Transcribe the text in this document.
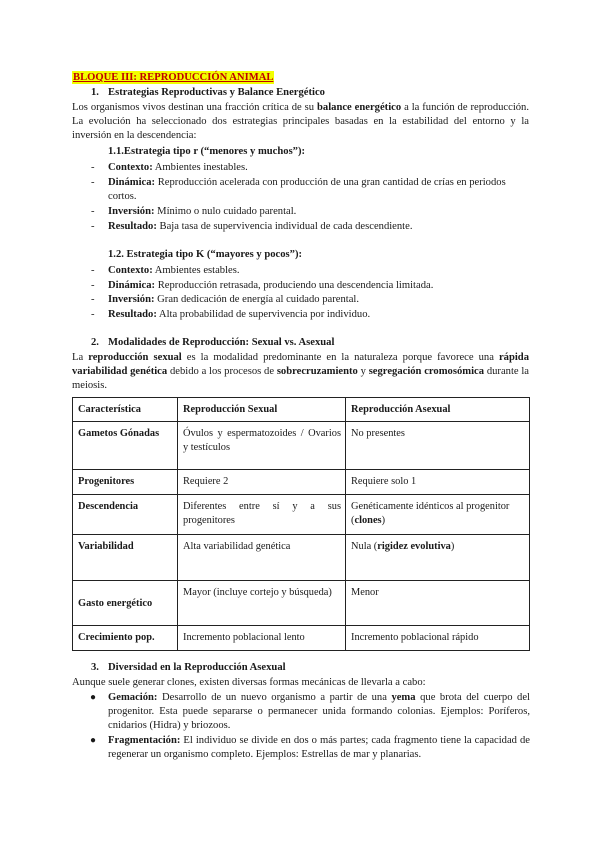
BLOQUE III: REPRODUCCIÓN ANIMAL
1. Estrategias Reproductivas y Balance Energético
Los organismos vivos destinan una fracción crítica de su balance energético a la función de reproducción. La evolución ha seleccionado dos estrategias principales basadas en la estabilidad del entorno y la inversión en la descendencia:
1.1.Estrategia tipo r (“menores y muchos”):
- Contexto: Ambientes inestables.
- Dinámica: Reproducción acelerada con producción de una gran cantidad de crías en periodos cortos.
- Inversión: Mínimo o nulo cuidado parental.
- Resultado: Baja tasa de supervivencia individual de cada descendiente.
1.2. Estrategia tipo K (“mayores y pocos”):
- Contexto: Ambientes estables.
- Dinámica: Reproducción retrasada, produciendo una descendencia limitada.
- Inversión: Gran dedicación de energía al cuidado parental.
- Resultado: Alta probabilidad de supervivencia por individuo.
2. Modalidades de Reproducción: Sexual vs. Asexual
La reproducción sexual es la modalidad predominante en la naturaleza porque favorece una rápida variabilidad genética debido a los procesos de sobrecruzamiento y segregación cromosómica durante la meiosis.
Característica	Reproducción Sexual	Reproducción Asexual
Gametos Gónadas	Óvulos y espermatozoides / Ovarios y testículos	No presentes
Progenitores	Requiere 2	Requiere solo 1
Descendencia	Diferentes entre sí y a sus progenitores	Genéticamente idénticos al progenitor (clones)
Variabilidad	Alta variabilidad genética	Nula (rigidez evolutiva)
Gasto energético	Mayor (incluye cortejo y búsqueda)	Menor
Crecimiento pop.	Incremento poblacional lento	Incremento poblacional rápido
3. Diversidad en la Reproducción Asexual
Aunque suele generar clones, existen diversas formas mecánicas de llevarla a cabo:
● Gemación: Desarrollo de un nuevo organismo a partir de una yema que brota del cuerpo del progenitor. Esta puede separarse o permanecer unida formando colonias. Ejemplos: Poríferos, cnidarios (Hidra) y briozoos.
● Fragmentación: El individuo se divide en dos o más partes; cada fragmento tiene la capacidad de regenerar un organismo completo. Ejemplos: Estrellas de mar y planarias.
